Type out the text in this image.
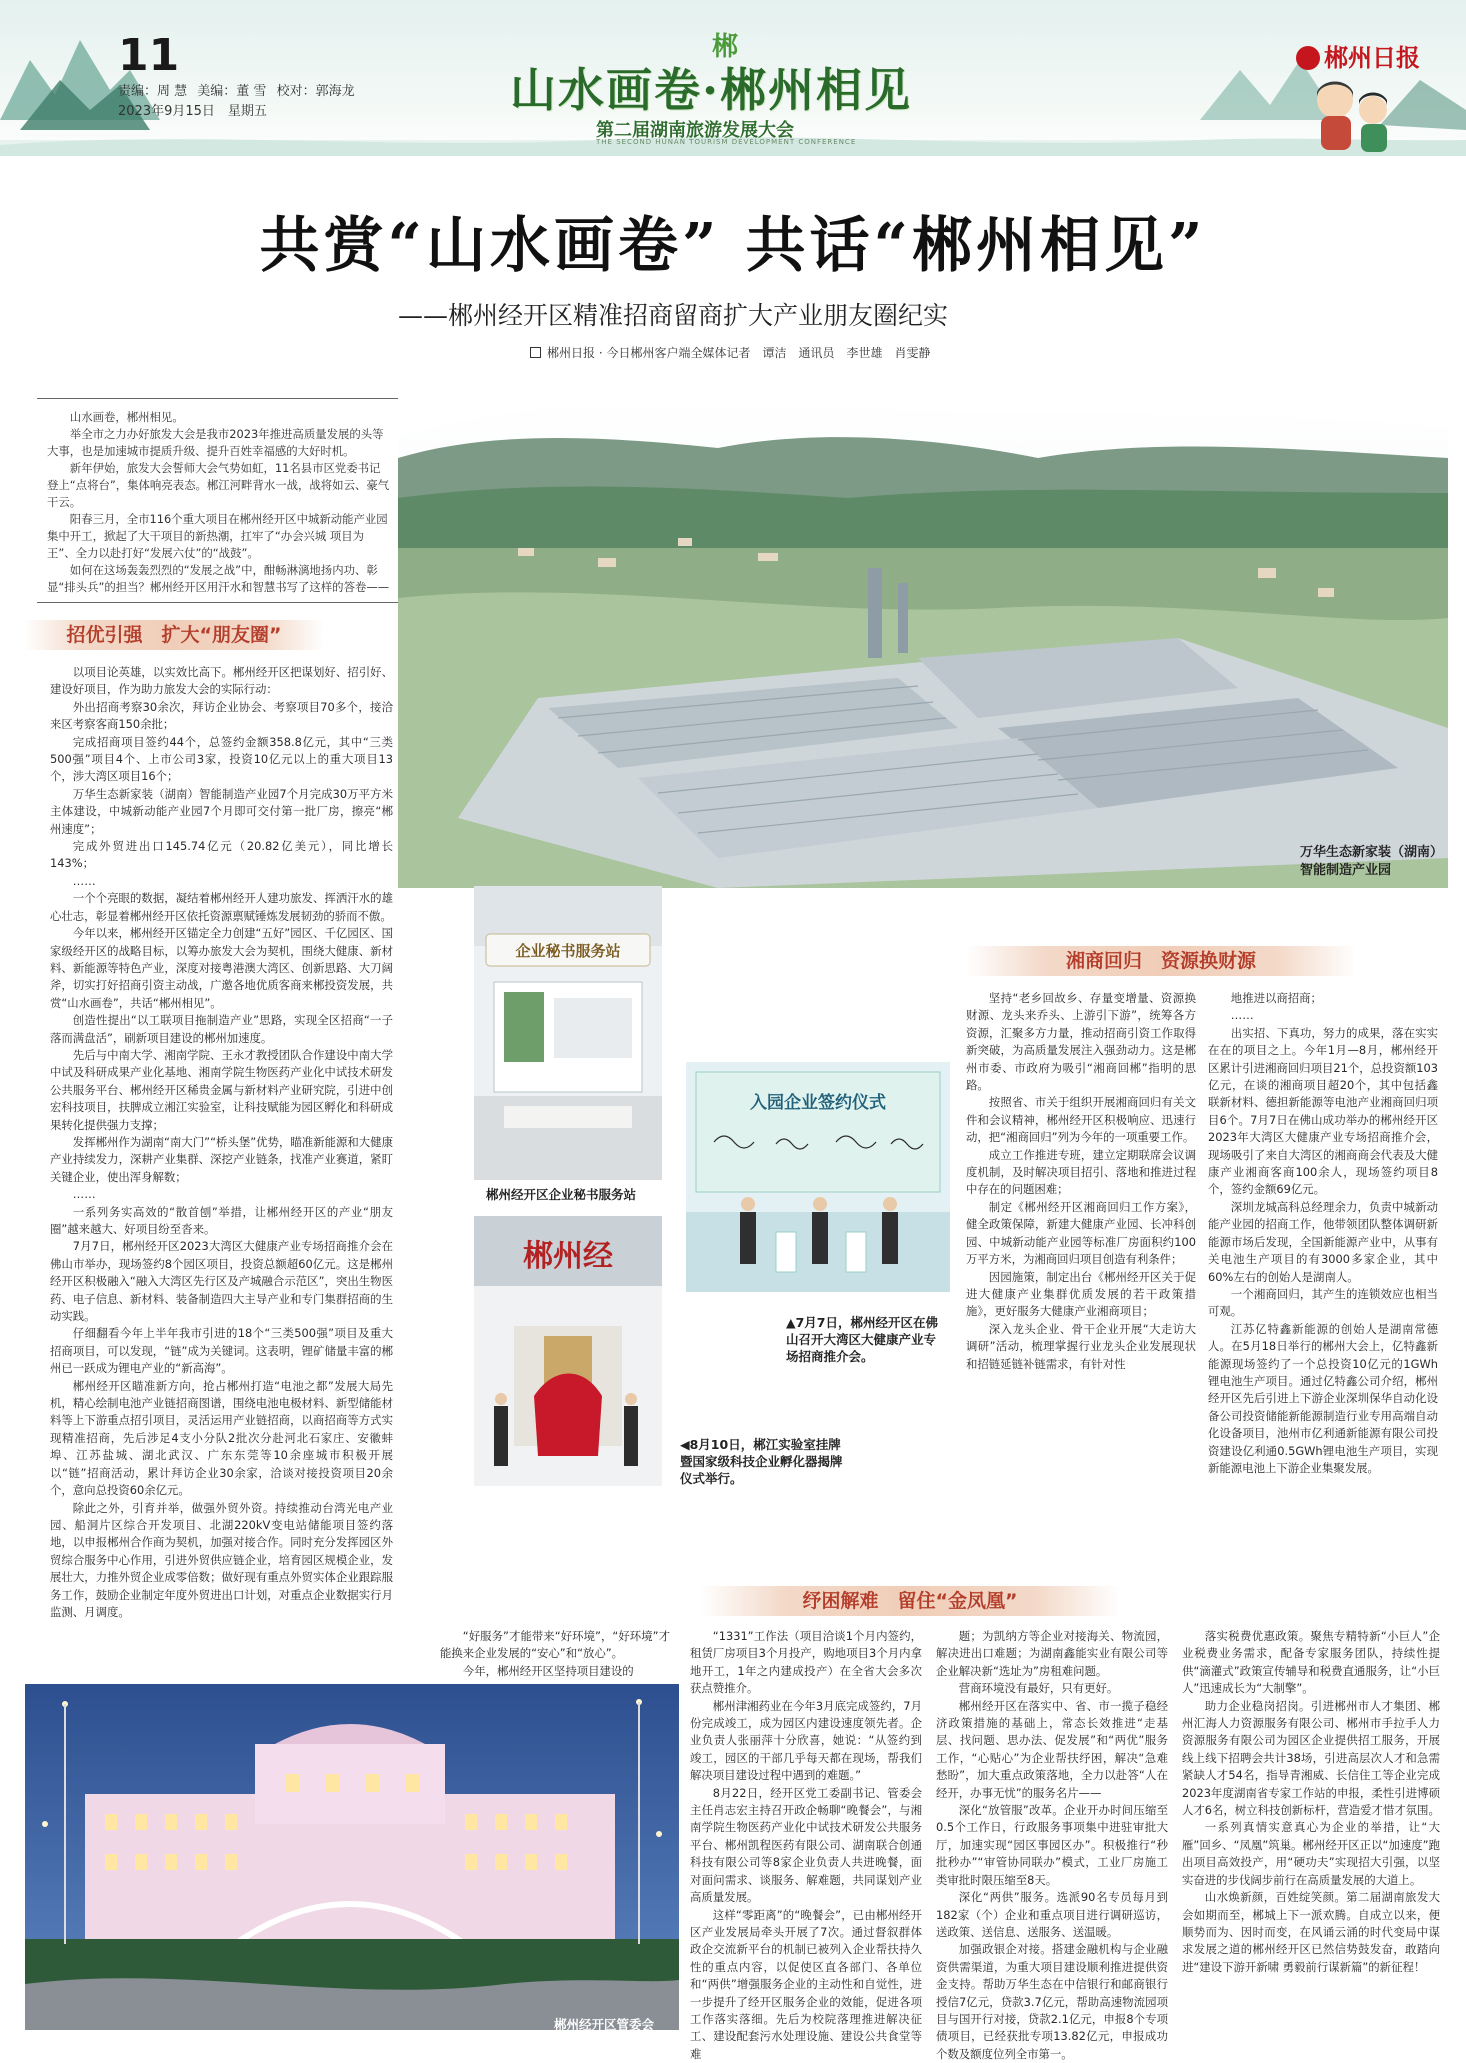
11
责编：周 慧 美编：董 雪 校对：郭海龙
2023年9月15日　星期五
郴
山水画卷·郴州相见
第二届湖南旅游发展大会
THE SECOND HUNAN TOURISM DEVELOPMENT CONFERENCE
郴州日报
共赏“山水画卷” 共话“郴州相见”
——郴州经开区精准招商留商扩大产业朋友圈纪实
郴州日报 · 今日郴州客户端全媒体记者　谭洁　通讯员　李世雄　肖雯静

山水画卷，郴州相见。

举全市之力办好旅发大会是我市2023年推进高质量发展的头等大事，也是加速城市提质升级、提升百姓幸福感的大好时机。

新年伊始，旅发大会誓师大会气势如虹，11名县市区党委书记登上“点将台”，集体响亮表态。郴江河畔背水一战，战将如云、豪气干云。

阳春三月，全市116个重大项目在郴州经开区中城新动能产业园集中开工，掀起了大干项目的新热潮，扛牢了“办会兴城 项目为王”、全力以赴打好“发展六仗”的“战鼓”。

如何在这场轰轰烈烈的“发展之战”中，酣畅淋漓地扬内功、彰显“排头兵”的担当？郴州经开区用汗水和智慧书写了这样的答卷——

万华生态新家装（湖南）智能制造产业园
招优引强　扩大“朋友圈”

以项目论英雄，以实效比高下。郴州经开区把谋划好、招引好、建设好项目，作为助力旅发大会的实际行动：

外出招商考察30余次，拜访企业协会、考察项目70多个，接洽来区考察客商150余批；

完成招商项目签约44个，总签约金额358.8亿元，其中“三类500强”项目4个、上市公司3家，投资10亿元以上的重大项目13个，涉大湾区项目16个；

万华生态新家装（湖南）智能制造产业园7个月完成30万平方米主体建设，中城新动能产业园7个月即可交付第一批厂房，擦亮“郴州速度”；

完成外贸进出口145.74亿元（20.82亿美元），同比增长143%；

……

一个个亮眼的数据，凝结着郴州经开人建功旅发、挥洒汗水的雄心壮志，彰显着郴州经开区依托资源禀赋锤炼发展韧劲的骄而不傲。

今年以来，郴州经开区锚定全力创建“五好”园区、千亿园区、国家级经开区的战略目标，以筹办旅发大会为契机，围绕大健康、新材料、新能源等特色产业，深度对接粤港澳大湾区、创新思路、大刀阔斧，切实打好招商引资主动战，广邀各地优质客商来郴投资发展，共赏“山水画卷”，共话“郴州相见”。

创造性提出“以工联项目拖制造产业”思路，实现全区招商“一子落而满盘活”，刷新项目建设的郴州加速度。

先后与中南大学、湘南学院、王永才教授团队合作建设中南大学中试及科研成果产业化基地、湘南学院生物医药产业化中试技术研发公共服务平台、郴州经开区稀贵金属与新材料产业研究院，引进中创宏科技项目，扶脾成立湘江实验室，让科技赋能为园区孵化和科研成果转化提供强力支撑；

发挥郴州作为湖南“南大门”“桥头堡”优势，瞄准新能源和大健康产业持续发力，深耕产业集群、深挖产业链条，找准产业赛道，紧盯关键企业，使出浑身解数；

……

一系列务实高效的“散首刨”举措，让郴州经开区的产业“朋友圈”越来越大、好项目纷至沓来。

7月7日，郴州经开区2023大湾区大健康产业专场招商推介会在佛山市举办，现场签约8个园区项目，投资总额超60亿元。这是郴州经开区积极融入“融入大湾区先行区及产城融合示范区”，突出生物医药、电子信息、新材料、装备制造四大主导产业和专门集群招商的生动实践。

仔细翻看今年上半年我市引进的18个“三类500强”项目及重大招商项目，可以发现，“链”成为关键词。这表明，锂矿储量丰富的郴州已一跃成为锂电产业的“新高海”。

郴州经开区瞄准新方向，抢占郴州打造“电池之都”发展大局先机，精心绘制电池产业链招商图谱，围绕电池电极材料、新型储能材料等上下游重点招引项目，灵活运用产业链招商，以商招商等方式实现精准招商，先后涉足4支小分队2批次分赴河北石家庄、安徽蚌埠、江苏盐城、湖北武汉、广东东莞等10余座城市积极开展以“链”招商活动，累计拜访企业30余家，洽谈对接投资项目20余个，意向总投资60余亿元。

除此之外，引育并举，做强外贸外资。持续推动台湾光电产业园、船洞片区综合开发项目、北湖220kV变电站储能项目签约落地，以申报郴州合作商为契机，加强对接合作。同时充分发挥园区外贸综合服务中心作用，引进外贸供应链企业，培育园区规模企业，发展壮大，力推外贸企业成零倍数；做好现有重点外贸实体企业跟踪服务工作，鼓励企业制定年度外贸进出口计划，对重点企业数据实行月监测、月调度。

企业秘书服务站
郴州经开区企业秘书服务站
入园企业签约仪式
▲7月7日，郴州经开区在佛山召开大湾区大健康产业专场招商推介会。
郴州经
◀8月10日，郴江实验室挂牌暨国家级科技企业孵化器揭牌仪式举行。
湘商回归　资源换财源

坚持“老乡回故乡、存量变增量、资源换财源、龙头来乔头、上游引下游”，统筹各方资源，汇聚多方力量，推动招商引资工作取得新突破，为高质量发展注入强劲动力。这是郴州市委、市政府为吸引“湘商回郴”指明的思路。

按照省、市关于组织开展湘商回归有关文件和会议精神，郴州经开区积极响应、迅速行动，把“湘商回归”列为今年的一项重要工作。

成立工作推进专班，建立定期联席会议调度机制，及时解决项目招引、落地和推进过程中存在的问题困难；

制定《郴州经开区湘商回归工作方案》，健全政策保障，新建大健康产业园、长冲科创园、中城新动能产业园等标准厂房面积约100万平方米，为湘商回归项目创造有利条件；

因园施策，制定出台《郴州经开区关于促进大健康产业集群优质发展的若干政策措施》，更好服务大健康产业湘商项目；

深入龙头企业、骨干企业开展“大走访大调研”活动，梳理掌握行业龙头企业发展现状和招链延链补链需求，有针对性

地推进以商招商；

……

出实招、下真功，努力的成果，落在实实在在的项目之上。今年1月—8月，郴州经开区累计引进湘商回归项目21个，总投资额103亿元，在谈的湘商项目超20个，其中包括鑫联新材料、德担新能源等电池产业湘商回归项目6个。7月7日在佛山成功举办的郴州经开区2023年大湾区大健康产业专场招商推介会，现场吸引了来自大湾区的湘商商会代表及大健康产业湘商客商100余人，现场签约项目8个，签约金额69亿元。

深圳龙城高科总经理余力，负责中城新动能产业园的招商工作，他带领团队整体调研新能源市场后发现，全国新能源产业中，从事有关电池生产项目的有3000多家企业，其中60%左右的创始人是湖南人。

一个湘商回归，其产生的连锁效应也相当可观。

江苏亿特鑫新能源的创始人是湖南常德人。在5月18日举行的郴州大会上，亿特鑫新能源现场签约了一个总投资10亿元的1GWh锂电池生产项目。通过亿特鑫公司介绍，郴州经开区先后引进上下游企业深圳保华自动化设备公司投资储能新能源制造行业专用高端自动化设备项目，池州市亿利通新能源有限公司投资建设亿利通0.5GWh锂电池生产项目，实现新能源电池上下游企业集聚发展。

纾困解难　留住“金凤凰”

“好服务”才能带来“好环境”，“好环境”才能换来企业发展的“安心”和“放心”。

今年，郴州经开区坚持项目建设的

“1331”工作法（项目洽谈1个月内签约，租赁厂房项目3个月投产，购地项目3个月内拿地开工，1年之内建成投产）在全省大会多次获点赞推介。

郴州津湘药业在今年3月底完成签约，7月份完成竣工，成为园区内建设速度领先者。企业负责人张丽萍十分欣喜，她说：“从签约到竣工，园区的干部几乎每天都在现场，帮我们解决项目建设过程中遇到的难题。”

8月22日，经开区党工委副书记、管委会主任肖志宏主持召开政企畅聊“晚餐会”，与湘南学院生物医药产业化中试技术研发公共服务平台、郴州凯程医药有限公司、湖南联合创通科技有限公司等8家企业负责人共进晚餐，面对面问需求、谈服务、解难题，共同谋划产业高质量发展。

这样“零距离”的“晚餐会”，已由郴州经开区产业发展局牵头开展了7次。通过督叙群体政企交流新平台的机制已被列入企业帮扶持久性的重点内容，以促使区直各部门、各单位和“两供”增强服务企业的主动性和自觉性，进一步提升了经开区服务企业的效能，促进各项工作落实落细。先后为校院落理推进解决征工、建设配套污水处理设施、建设公共食堂等难

题；为凯纳方等企业对接海关、物流园，解决进出口难题；为湖南鑫能实业有限公司等企业解决新“选址为”房租难问题。

营商环境没有最好，只有更好。

郴州经开区在落实中、省、市一揽子稳经济政策措施的基础上，常态长效推进“走基层、找问题、思办法、促发展”和“两优”服务工作，“心贴心”为企业帮扶纾困，解决“急难愁盼”，加大重点政策落地，全力以赴答“人在经开，办事无忧”的服务名片——

深化“放管服”改革。企业开办时间压缩至0.5个工作日，行政服务事项集中进驻审批大厅，加速实现“园区事园区办”。积极推行“秒批秒办”“审管协同联办”模式，工业厂房施工类审批时限压缩至8天。

深化“两供”服务。选派90名专员每月到182家（个）企业和重点项目进行调研巡访，送政策、送信息、送服务、送温暖。

加强政银企对接。搭建金融机构与企业融资供需渠道，为重大项目建设顺利推进提供资金支持。帮助万华生态在中信银行和邮商银行授信7亿元，贷款3.7亿元，帮助高速物流园项目与国开行对接，贷款2.1亿元，申报8个专项债项目，已经获批专项13.82亿元，申报成功个数及额度位列全市第一。

落实税费优惠政策。聚焦专精特新“小巨人”企业税费业务需求，配备专家服务团队，持续性提供“滴灌式”政策宣传辅导和税费直通服务，让“小巨人”迅速成长为“大制擎”。

助力企业稳岗招岗。引进郴州市人才集团、郴州汇海人力资源服务有限公司、郴州市手拉手人力资源服务有限公司为园区企业提供招工服务，开展线上线下招聘会共计38场，引进高层次人才和急需紧缺人才54名，指导青湘威、长信住工等企业完成2023年度湖南省专家工作站的申报，柔性引进博硕人才6名，树立科技创新标杆，营造爱才惜才氛围。

一系列真情实意真心为企业的举措，让“大雁”回乡、“凤凰”筑巢。郴州经开区正以“加速度”跑出项目高效投产，用“硬功夫”实现招大引强，以坚实奋进的步伐阔步前行在高质量发展的大道上。

山水焕新颜，百姓绽笑颜。第二届湖南旅发大会如期而至，郴城上下一派欢腾。自成立以来，便顺势而为、因时而变，在风诵云涌的时代变局中谋求发展之道的郴州经开区已然信势鼓发奋，敢踏向进“建设下游开新啸 勇毅前行谋新篇”的新征程！

郴州经开区管委会
